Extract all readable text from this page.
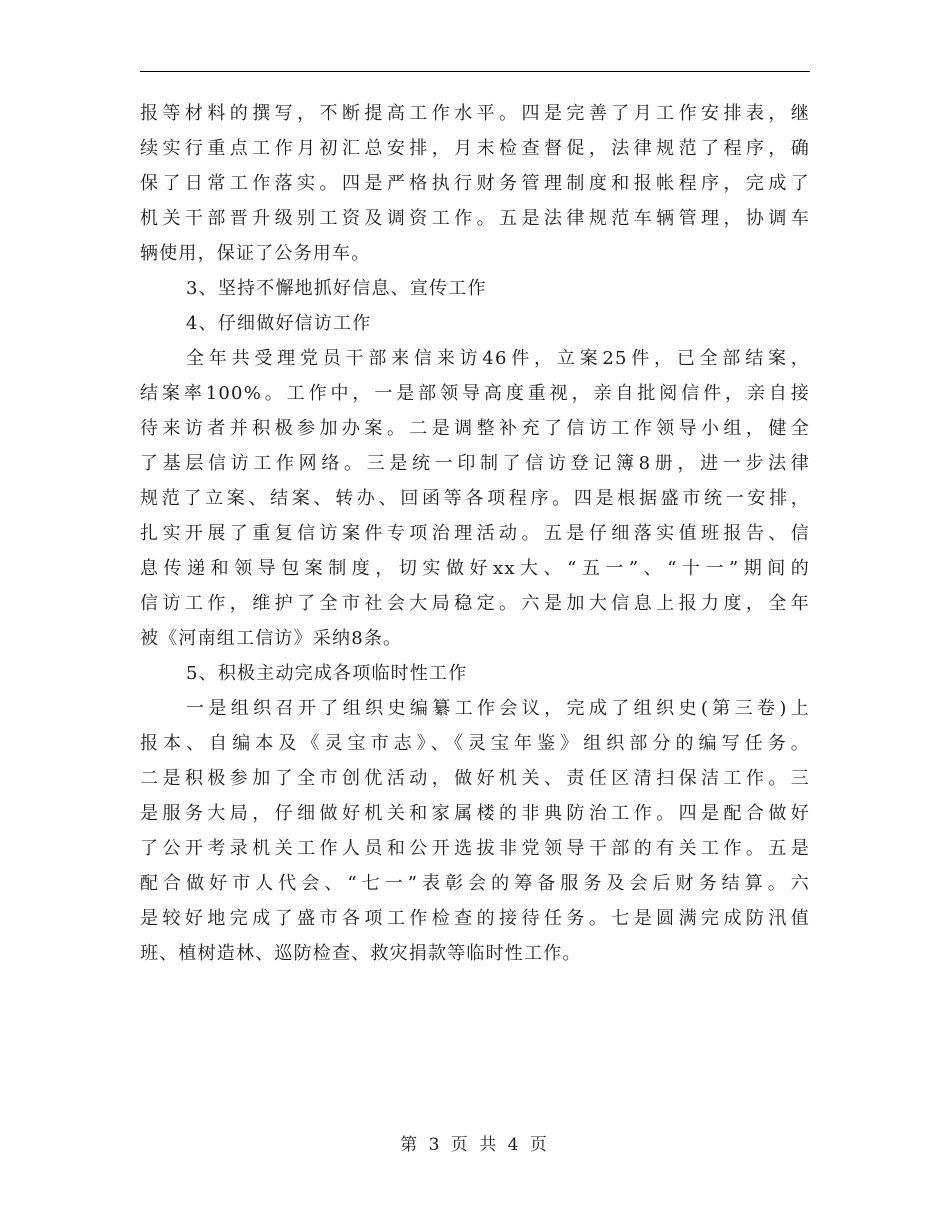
报等材料的撰写，不断提高工作水平。四是完善了月工作安排表，继
续实行重点工作月初汇总安排，月末检查督促，法律规范了程序，确
保了日常工作落实。四是严格执行财务管理制度和报帐程序，完成了
机关干部晋升级别工资及调资工作。五是法律规范车辆管理，协调车
辆使用，保证了公务用车。
3、坚持不懈地抓好信息、宣传工作
4、仔细做好信访工作
全年共受理党员干部来信来访46件，立案25件，已全部结案，
结案率100%。工作中，一是部领导高度重视，亲自批阅信件，亲自接
待来访者并积极参加办案。二是调整补充了信访工作领导小组，健全
了基层信访工作网络。三是统一印制了信访登记簿8册，进一步法律
规范了立案、结案、转办、回函等各项程序。四是根据盛市统一安排，
扎实开展了重复信访案件专项治理活动。五是仔细落实值班报告、信
息传递和领导包案制度，切实做好xx大、“五一”、“十一”期间的
信访工作，维护了全市社会大局稳定。六是加大信息上报力度，全年
被《河南组工信访》采纳8条。
5、积极主动完成各项临时性工作
一是组织召开了组织史编纂工作会议，完成了组织史(第三卷)上
报本、自编本及《灵宝市志》、《灵宝年鉴》组织部分的编写任务。
二是积极参加了全市创优活动，做好机关、责任区清扫保洁工作。三
是服务大局，仔细做好机关和家属楼的非典防治工作。四是配合做好
了公开考录机关工作人员和公开选拔非党领导干部的有关工作。五是
配合做好市人代会、“七一”表彰会的筹备服务及会后财务结算。六
是较好地完成了盛市各项工作检查的接待任务。七是圆满完成防汛值
班、植树造林、巡防检查、救灾捐款等临时性工作。
第 3 页 共 4 页
